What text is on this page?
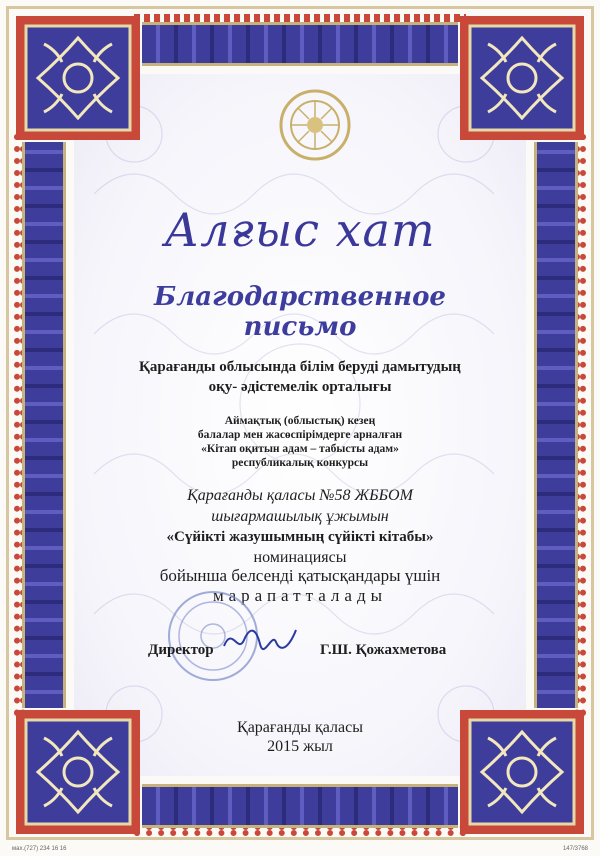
Алғыс хат
Благодарственное
письмо
Қарағанды облысында білім беруді дамытудың
оқу- әдістемелік орталығы
Аймақтық (облыстық) кезең
балалар мен жасөспірімдерге арналған
«Кітап оқитын адам – табысты адам»
республикалық конкурсы
Қарағанды қаласы №58 ЖББОМ
шығармашылық ұжымын
«Сүйікті жазушымның сүйікті кітабы»
номинациясы
бойынша белсенді қатысқандары үшін
марапатталады
Директор	Г.Ш. Қожахметова
Қарағанды қаласы
2015 жыл
мах.(727) 234 16 16	147/3768
